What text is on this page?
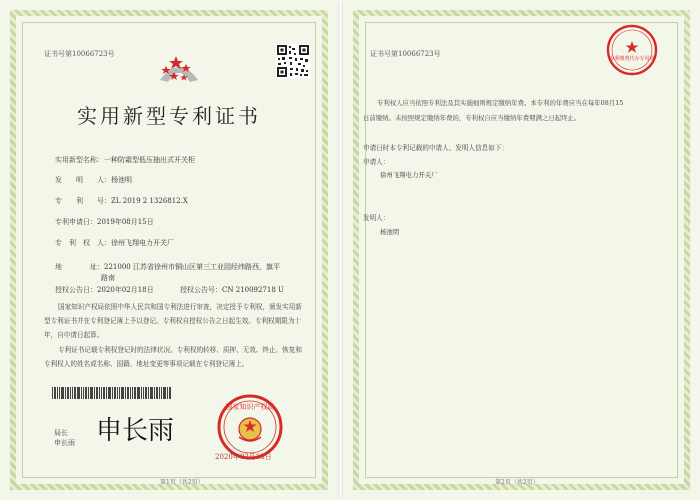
证书号第10066723号
实用新型专利证书
实用新型名称：一种防霜型低压抽出式开关柜
发　　明　　人：杨池明
专　　利　　号：ZL 2019 2 1326812.X
专利申请日：2019年08月15日
专　利　权　人：徐州飞翔电力开关厂
地　　　　址：221000 江苏省徐州市铜山区第三工业园经纬路西，旗平
路南
授权公告日：2020年02月18日	授权公告号：CN 210092718 U
国家知识产权局依照中华人民共和国专利法进行审查，决定授予专利权，颁发实用新型专利证书并在专利登记簿上予以登记。专利权自授权公告之日起生效。专利权期限为十年，自申请日起算。
专利证书记载专利权登记时的法律状况。专利权的转移、质押、无效、终止、恢复和专利权人的姓名或名称、国籍、地址变更等事项记载在专利登记簿上。
局长
申长雨 申长雨
国家知识产权局
2020年02月18日
第1页（共2页）
证书号第10066723号
专利缴费代办专用章
专利权人应当依照专利法及其实施细则规定缴纳年费。本专利的年费应当在每年08月15日前缴纳。未按照规定缴纳年费的，专利权自应当缴纳年费期满之日起终止。
申请日时本专利记载的申请人、发明人信息如下：
申请人：
徐州飞翔电力开关厂
发明人：
杨池明
第2页（共2页）
